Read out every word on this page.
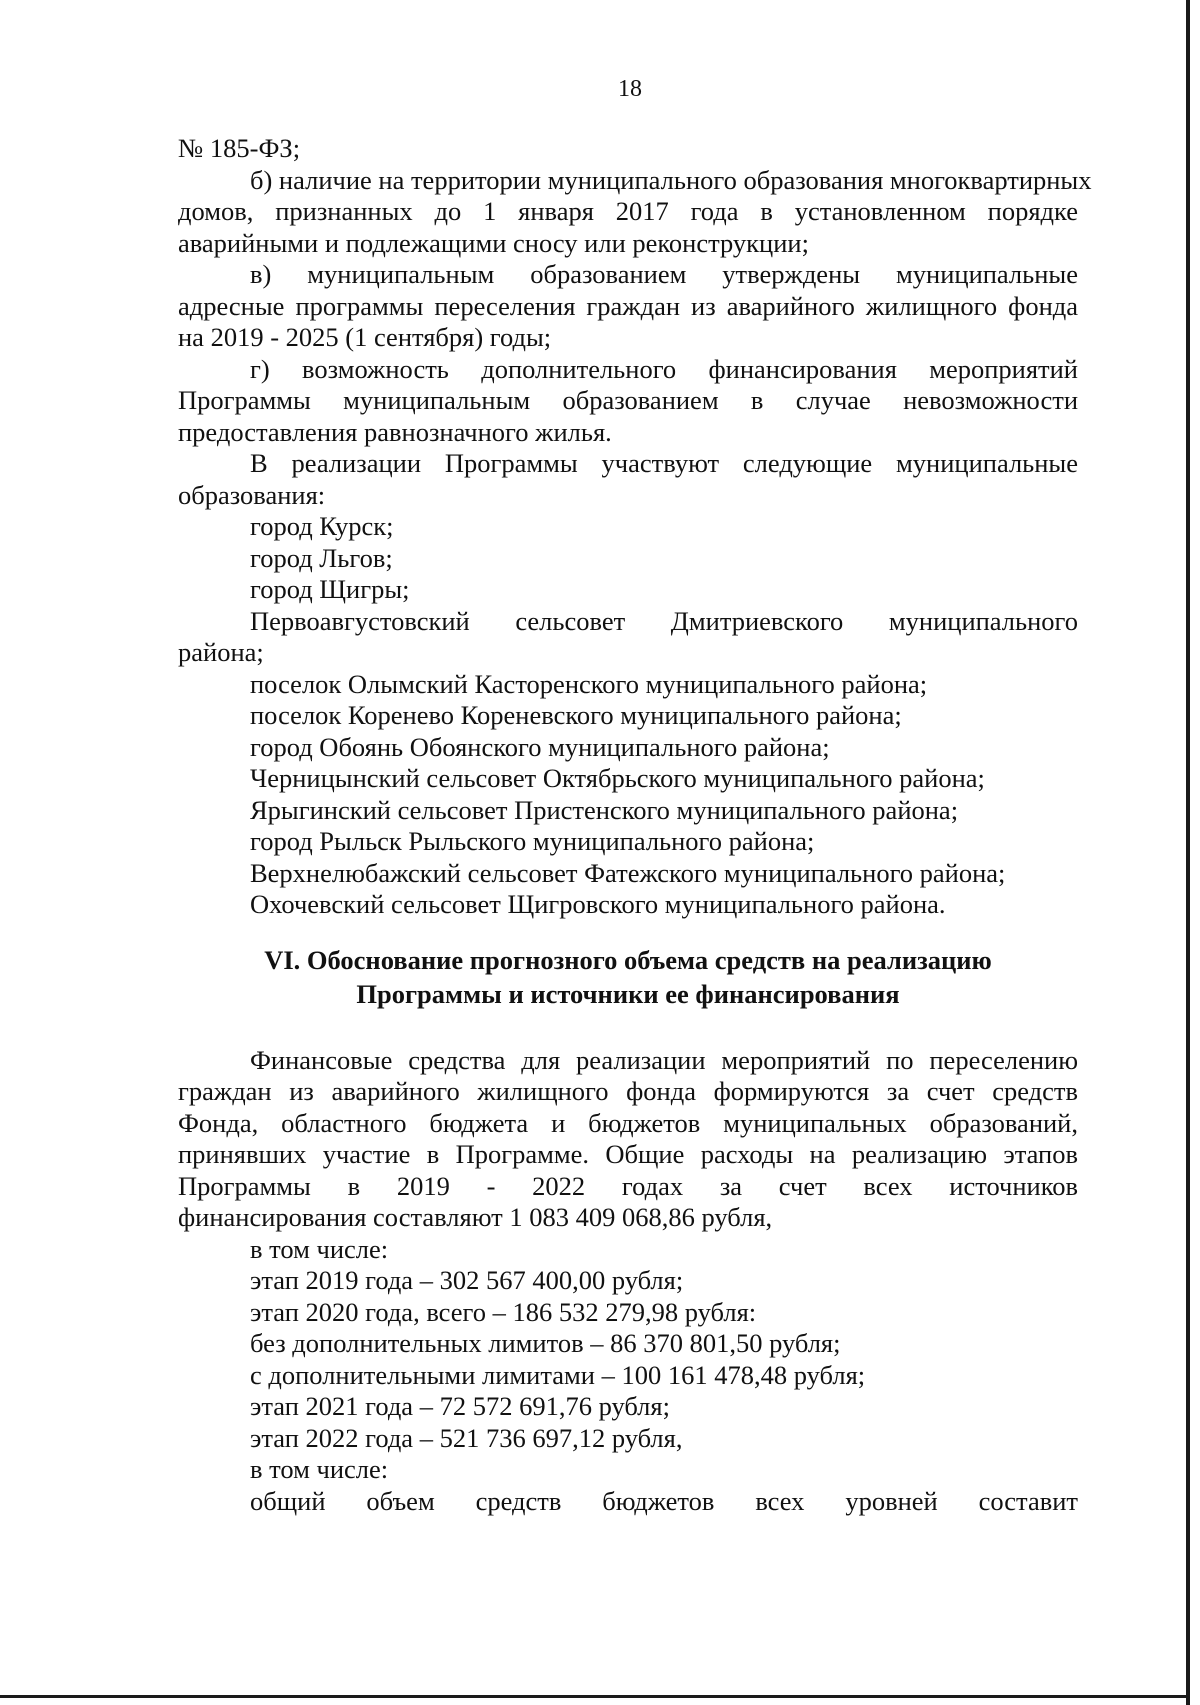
18
№ 185-ФЗ;
б) наличие на территории муниципального образования многоквартирных
домов, признанных до 1 января 2017 года в установленном порядке
аварийными и подлежащими сносу или реконструкции;
в) муниципальным образованием утверждены муниципальные
адресные программы переселения граждан из аварийного жилищного фонда
на 2019 - 2025 (1 сентября) годы;
г) возможность дополнительного финансирования мероприятий
Программы муниципальным образованием в случае невозможности
предоставления равнозначного жилья.
В реализации Программы участвуют следующие муниципальные
образования:
город Курск;
город Льгов;
город Щигры;
Первоавгустовский сельсовет Дмитриевского муниципального
района;
поселок Олымский Касторенского муниципального района;
поселок Коренево Кореневского муниципального района;
город Обоянь Обоянского муниципального района;
Черницынский сельсовет Октябрьского муниципального района;
Ярыгинский сельсовет Пристенского муниципального района;
город Рыльск Рыльского муниципального района;
Верхнелюбажский сельсовет Фатежского муниципального района;
Охочевский сельсовет Щигровского муниципального района.
VI. Обоснование прогнозного объема средств на реализацию
Программы и источники ее финансирования
Финансовые средства для реализации мероприятий по переселению
граждан из аварийного жилищного фонда формируются за счет средств
Фонда, областного бюджета и бюджетов муниципальных образований,
принявших участие в Программе. Общие расходы на реализацию этапов
Программы в 2019 - 2022 годах за счет всех источников
финансирования составляют 1 083 409 068,86 рубля,
в том числе:
этап 2019 года – 302 567 400,00 рубля;
этап 2020 года, всего – 186 532 279,98 рубля:
без дополнительных лимитов – 86 370 801,50 рубля;
с дополнительными лимитами – 100 161 478,48 рубля;
этап 2021 года – 72 572 691,76 рубля;
этап 2022 года – 521 736 697,12 рубля,
в том числе:
общий объем средств бюджетов всех уровней составит
